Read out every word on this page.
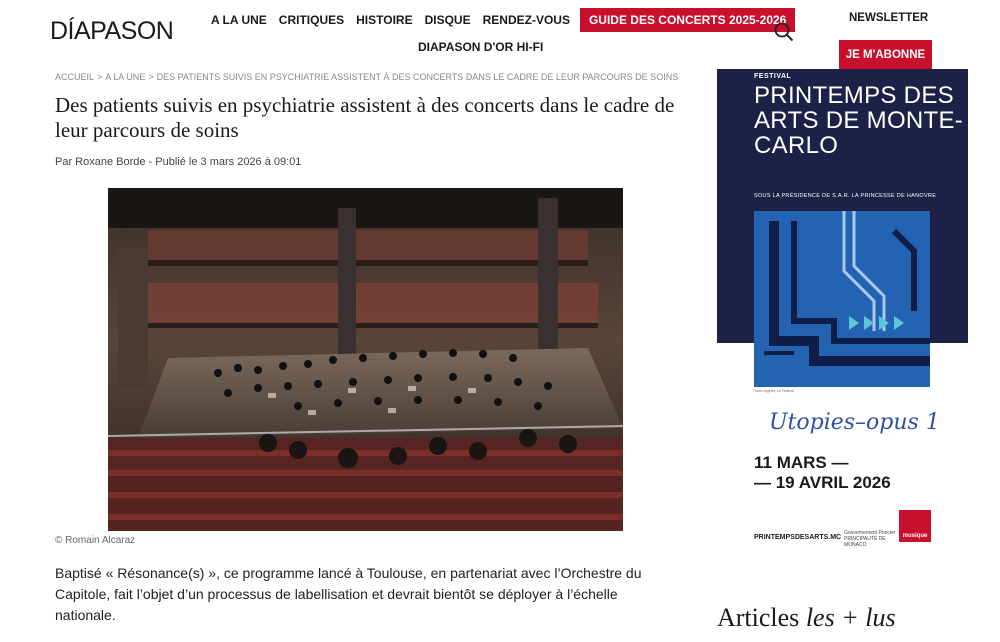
DÍAPASON	A LA UNE	CRITIQUES	HISTOIRE	DISQUE	RENDEZ-VOUS	GUIDE DES CONCERTS 2025-2026
DIAPASON D'OR HI-FI
NEWSLETTER
JE M'ABONNE
ACCUEIL > A LA UNE > DES PATIENTS SUIVIS EN PSYCHIATRIE ASSISTENT À DES CONCERTS DANS LE CADRE DE LEUR PARCOURS DE SOINS
Des patients suivis en psychiatrie assistent à des concerts dans le cadre de leur parcours de soins
Par Roxane Borde - Publié le 3 mars 2026 à 09:01
© Romain Alcaraz

Baptisé « Résonance(s) », ce programme lancé à Toulouse, en partenariat avec l’Orchestre du Capitole, fait l’objet d’un processus de labellisation et devrait bientôt se déployer à l’échelle nationale.

FESTIVAL
PRINTEMPS DES ARTS DE MONTE-CARLO
SOUS LA PRÉSIDENCE DE S.A.R. LA PRINCESSE DE HANOVRE
Tomi Ungerer, Le Festival
Utopies–opus 1
11 MARS —
— 19 AVRIL 2026
PRINTEMPSDESARTS.MC
Gouvernement Princier PRINCIPAUTÉ DE MONACO
musique
Articles les + lus
